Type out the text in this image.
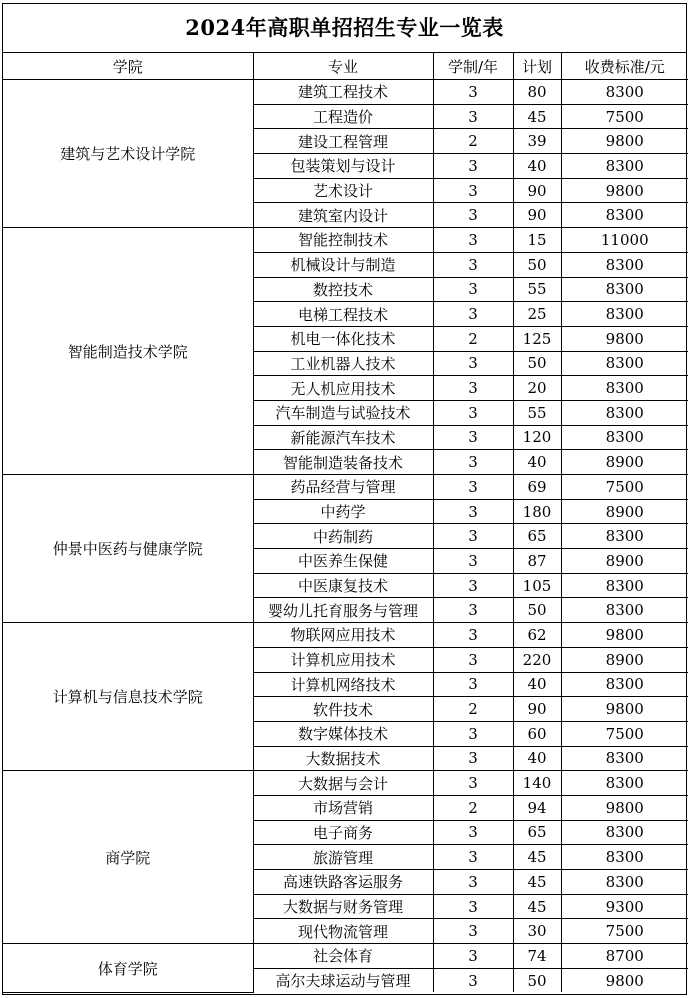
2024年高职单招招生专业一览表
学院	专业	学制/年	计划	收费标准/元
建筑与艺术设计学院	建筑工程技术	3	80	8300
	工程造价	3	45	7500
	建设工程管理	2	39	9800
	包装策划与设计	3	40	8300
	艺术设计	3	90	9800
	建筑室内设计	3	90	8300
智能制造技术学院	智能控制技术	3	15	11000
	机械设计与制造	3	50	8300
	数控技术	3	55	8300
	电梯工程技术	3	25	8300
	机电一体化技术	2	125	9800
	工业机器人技术	3	50	8300
	无人机应用技术	3	20	8300
	汽车制造与试验技术	3	55	8300
	新能源汽车技术	3	120	8300
	智能制造装备技术	3	40	8900
仲景中医药与健康学院	药品经营与管理	3	69	7500
	中药学	3	180	8900
	中药制药	3	65	8300
	中医养生保健	3	87	8900
	中医康复技术	3	105	8300
	婴幼儿托育服务与管理	3	50	8300
计算机与信息技术学院	物联网应用技术	3	62	9800
	计算机应用技术	3	220	8900
	计算机网络技术	3	40	8300
	软件技术	2	90	9800
	数字媒体技术	3	60	7500
	大数据技术	3	40	8300
商学院	大数据与会计	3	140	8300
	市场营销	2	94	9800
	电子商务	3	65	8300
	旅游管理	3	45	8300
	高速铁路客运服务	3	45	8300
	大数据与财务管理	3	45	9300
	现代物流管理	3	30	7500
体育学院	社会体育	3	74	8700
	高尔夫球运动与管理	3	50	9800
